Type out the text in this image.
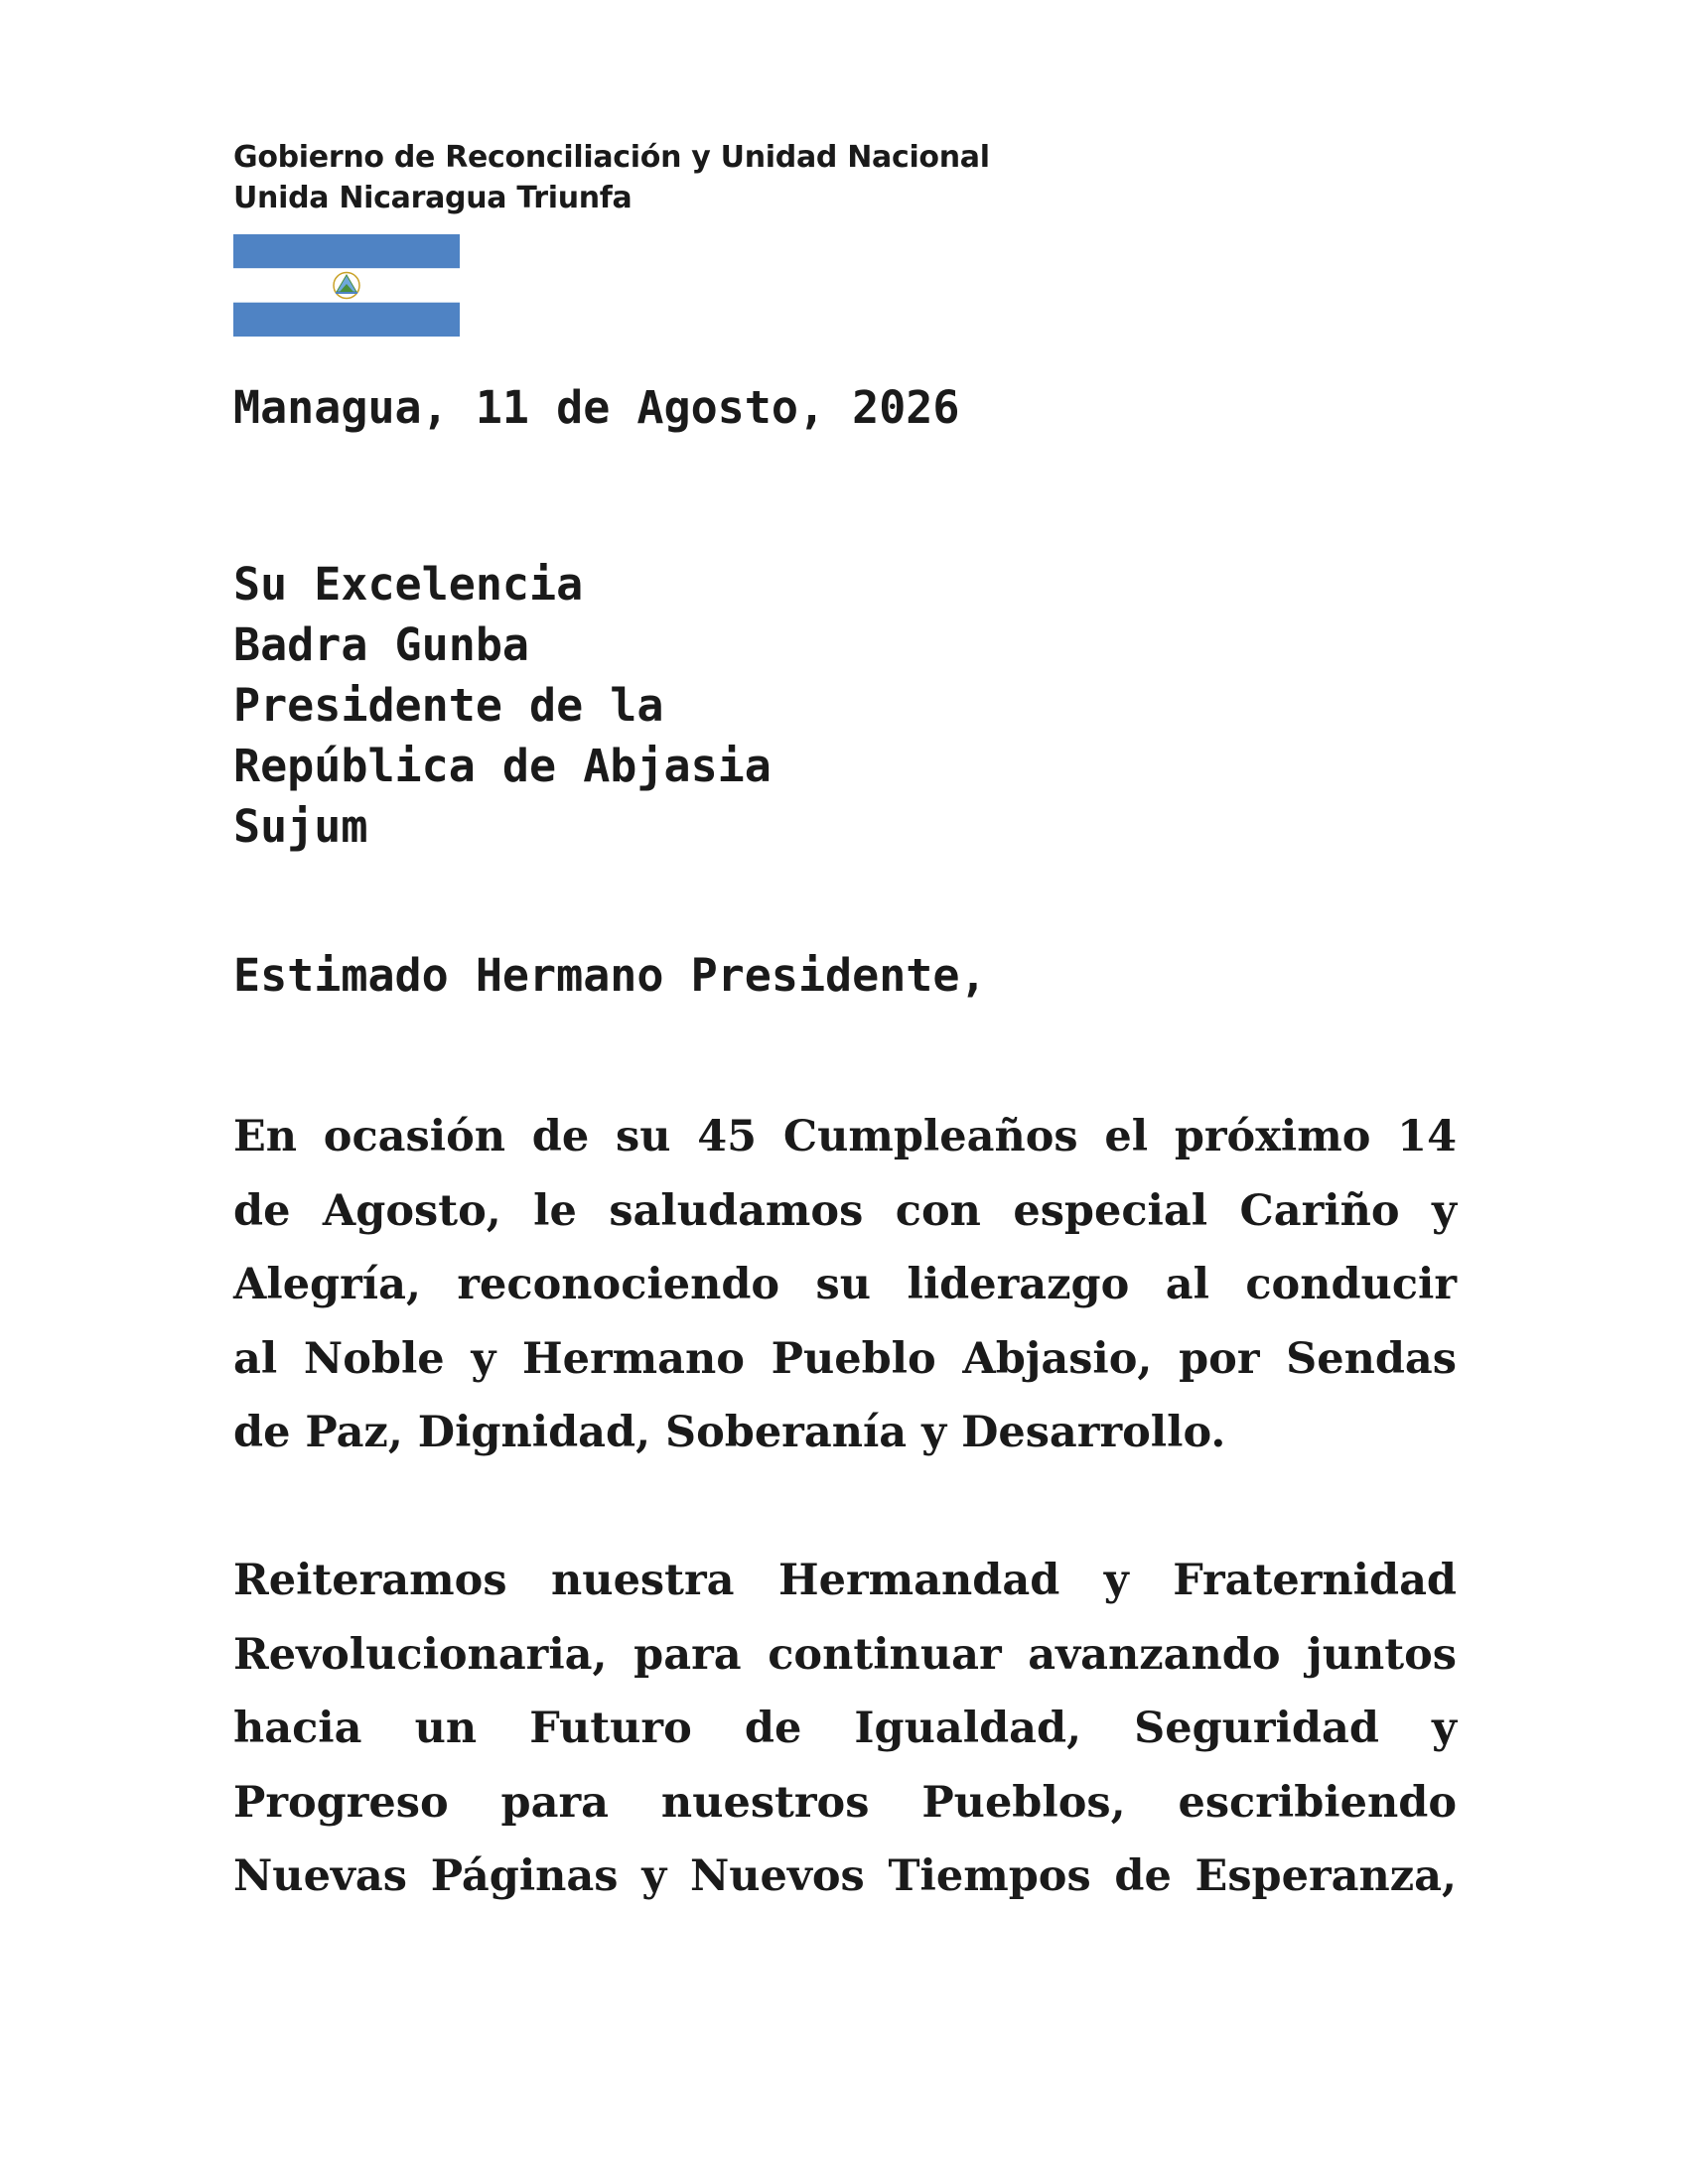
Gobierno de Reconciliación y Unidad Nacional
Unida Nicaragua Triunfa
Managua, 11 de Agosto, 2026
Su Excelencia
Badra Gunba
Presidente de la
República de Abjasia
Sujum
Estimado Hermano Presidente,
En ocasión de su 45 Cumpleaños el próximo 14
de Agosto, le saludamos con especial Cariño y
Alegría, reconociendo su liderazgo al conducir
al Noble y Hermano Pueblo Abjasio, por Sendas
de Paz, Dignidad, Soberanía y Desarrollo.
Reiteramos nuestra Hermandad y Fraternidad
Revolucionaria, para continuar avanzando juntos
hacia un Futuro de Igualdad, Seguridad y
Progreso para nuestros Pueblos, escribiendo
Nuevas Páginas y Nuevos Tiempos de Esperanza,
